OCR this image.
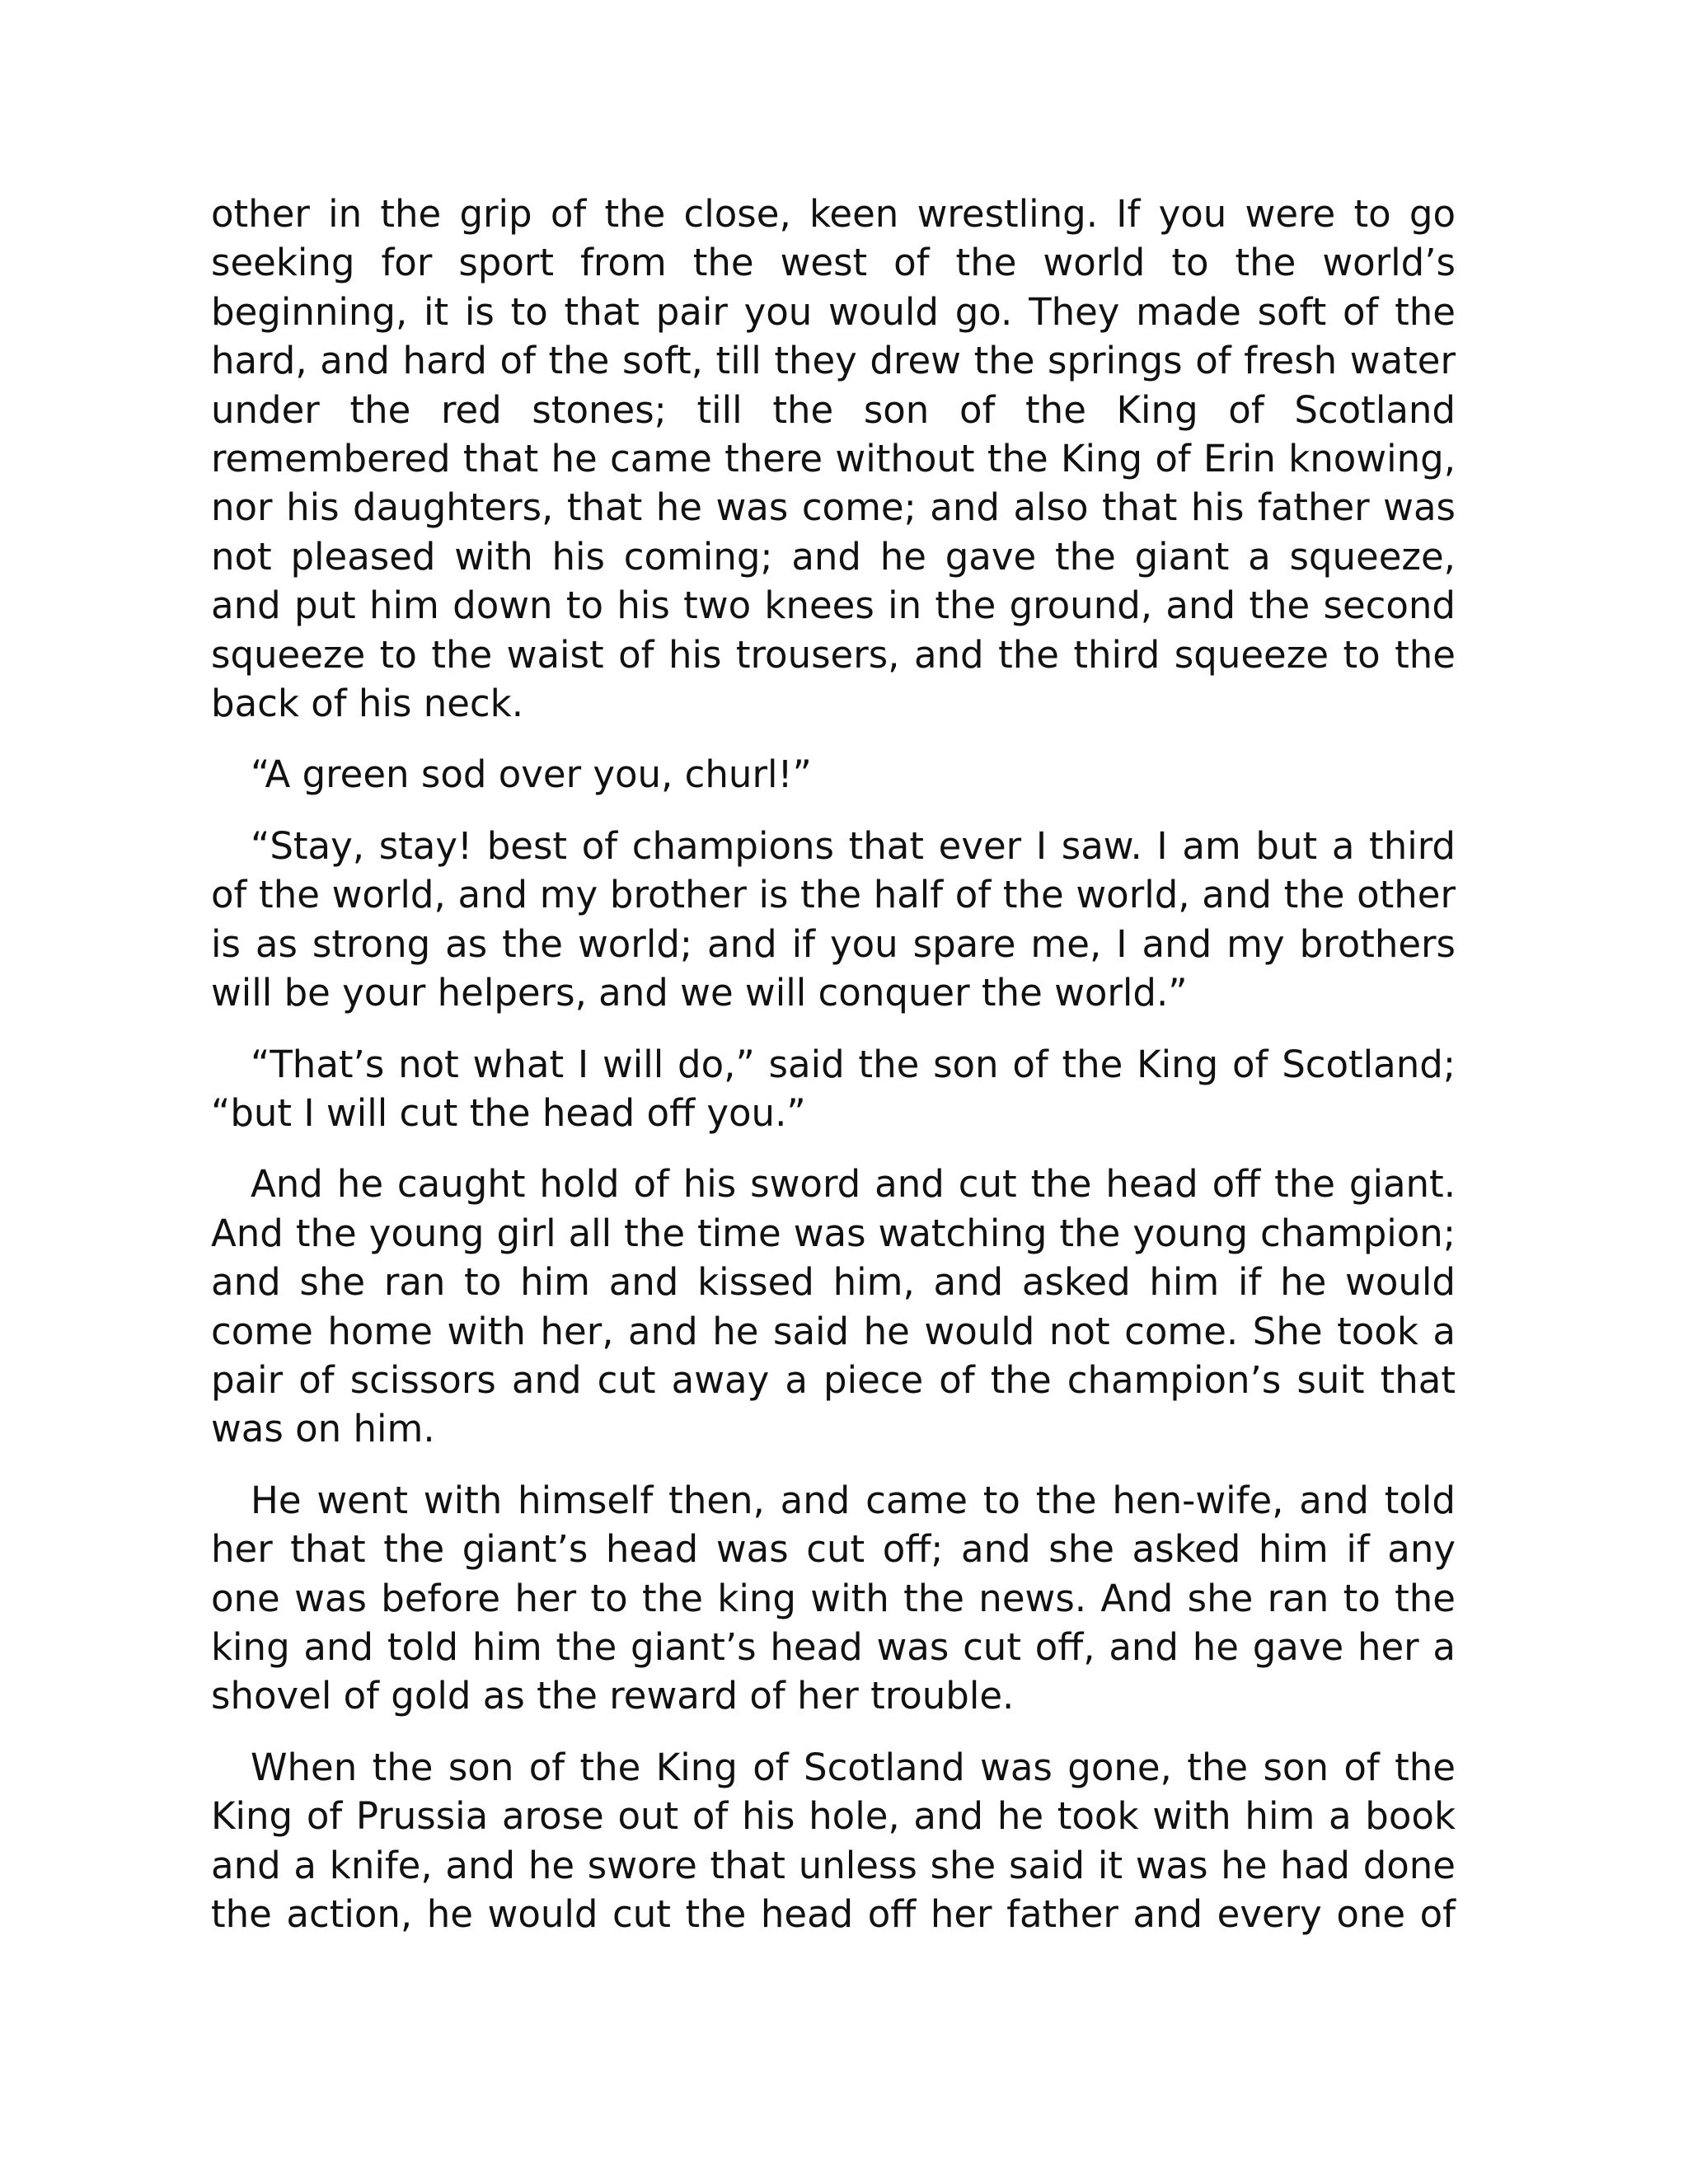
other in the grip of the close, keen wrestling. If you were to go seeking for sport from the west of the world to the world’s beginning, it is to that pair you would go. They made soft of the hard, and hard of the soft, till they drew the springs of fresh water under the red stones; till the son of the King of Scotland remembered that he came there without the King of Erin knowing, nor his daughters, that he was come; and also that his father was not pleased with his coming; and he gave the giant a squeeze, and put him down to his two knees in the ground, and the second squeeze to the waist of his trousers, and the third squeeze to the back of his neck.

“A green sod over you, churl!”

“Stay, stay! best of champions that ever I saw. I am but a third of the world, and my brother is the half of the world, and the other is as strong as the world; and if you spare me, I and my brothers will be your helpers, and we will conquer the world.”

“That’s not what I will do,” said the son of the King of Scotland; “but I will cut the head off you.”

And he caught hold of his sword and cut the head off the giant. And the young girl all the time was watching the young champion; and she ran to him and kissed him, and asked him if he would come home with her, and he said he would not come. She took a pair of scissors and cut away a piece of the champion’s suit that was on him.

He went with himself then, and came to the hen-wife, and told her that the giant’s head was cut off; and she asked him if any one was before her to the king with the news. And she ran to the king and told him the giant’s head was cut off, and he gave her a shovel of gold as the reward of her trouble.

When the son of the King of Scotland was gone, the son of the King of Prussia arose out of his hole, and he took with him a book and a knife, and he swore that unless she said it was he had done the action, he would cut the head off her father and every one of
